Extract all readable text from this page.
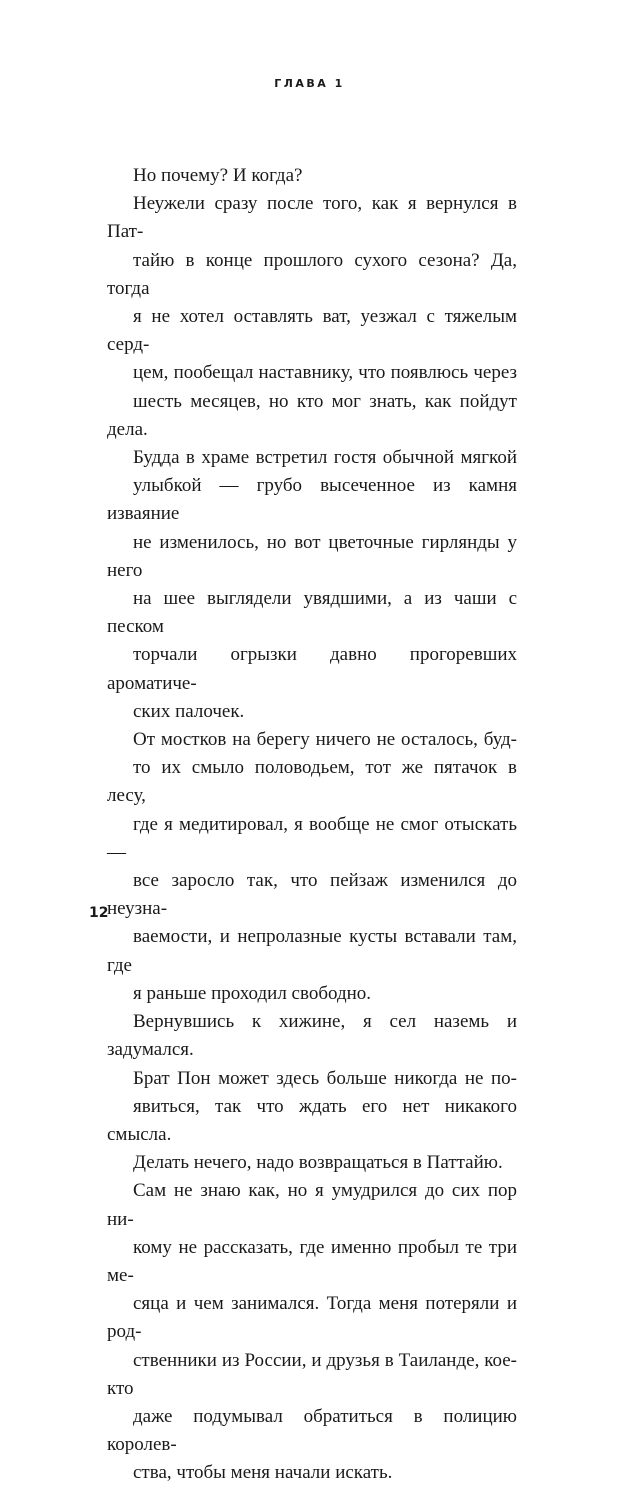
ГЛАВА 1

Но почему? И когда?

Неужели сразу после того, как я вернулся в Пат-
тайю в конце прошлого сухого сезона? Да, тогда
я не хотел оставлять ват, уезжал с тяжелым серд-
цем, пообещал наставнику, что появлюсь через
шесть месяцев, но кто мог знать, как пойдут дела.

Будда в храме встретил гостя обычной мягкой
улыбкой — грубо высеченное из камня изваяние
не изменилось, но вот цветочные гирлянды у него
на шее выглядели увядшими, а из чаши с песком
торчали огрызки давно прогоревших ароматиче-
ских палочек.

От мостков на берегу ничего не осталось, буд-
то их смыло половодьем, тот же пятачок в лесу,
где я медитировал, я вообще не смог отыскать —
все заросло так, что пейзаж изменился до неузна-
ваемости, и непролазные кусты вставали там, где
я раньше проходил свободно.

Вернувшись к хижине, я сел наземь и задумался.

Брат Пон может здесь больше никогда не по-
явиться, так что ждать его нет никакого смысла.

Делать нечего, надо возвращаться в Паттайю.

Сам не знаю как, но я умудрился до сих пор ни-
кому не рассказать, где именно пробыл те три ме-
сяца и чем занимался. Тогда меня потеряли и род-
ственники из России, и друзья в Таиланде, кое-кто
даже подумывал обратиться в полицию королев-
ства, чтобы меня начали искать.

12
